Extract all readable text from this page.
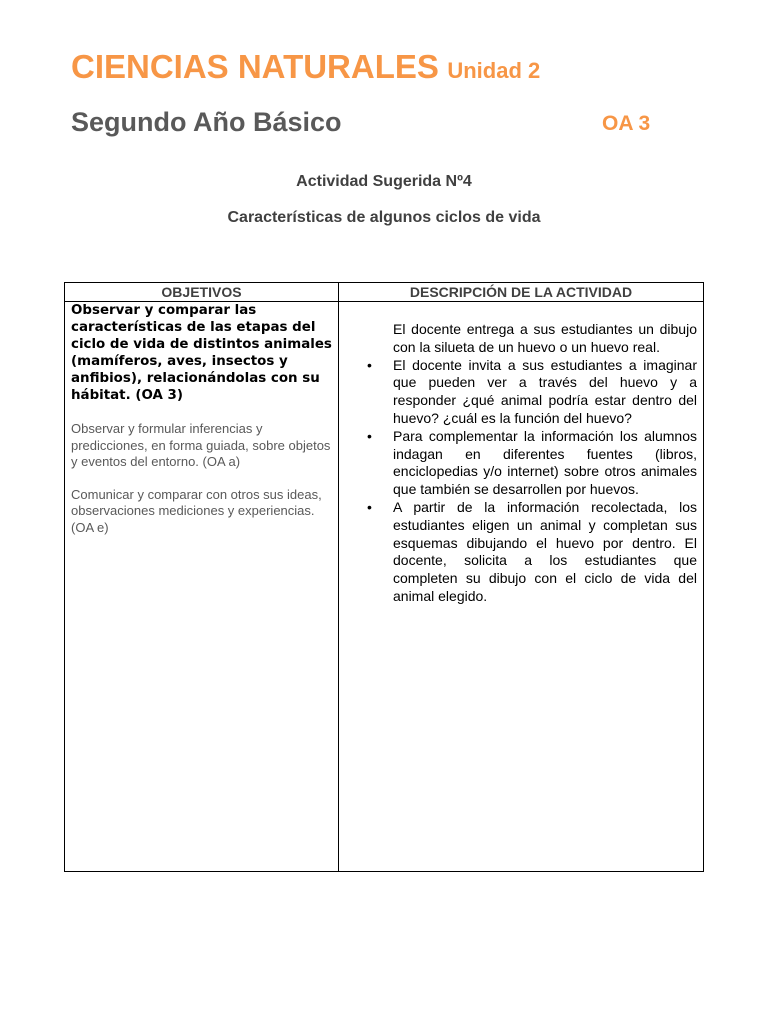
CIENCIAS NATURALES Unidad 2
Segundo Año Básico	OA 3
Actividad Sugerida Nº4
Características de algunos ciclos de vida
OBJETIVOS	DESCRIPCIÓN DE LA ACTIVIDAD

Observar y comparar las características de las etapas del ciclo de vida de distintos animales (mamíferos, aves, insectos y anfibios), relacionándolas con su hábitat. (OA 3)

Observar y formular inferencias y predicciones, en forma guiada, sobre objetos y eventos del entorno. (OA a)

Comunicar y comparar con otros sus ideas, observaciones mediciones y experiencias. (OA e)

El docente entrega a sus estudiantes un dibujo con la silueta de un huevo o un huevo real.

• El docente invita a sus estudiantes a imaginar que pueden ver a través del huevo y a responder ¿qué animal podría estar dentro del huevo? ¿cuál es la función del huevo?

• Para complementar la información los alumnos indagan en diferentes fuentes (libros, enciclopedias y/o internet) sobre otros animales que también se desarrollen por huevos.

• A partir de la información recolectada, los estudiantes eligen un animal y completan sus esquemas dibujando el huevo por dentro. El docente, solicita a los estudiantes que completen su dibujo con el ciclo de vida del animal elegido.
